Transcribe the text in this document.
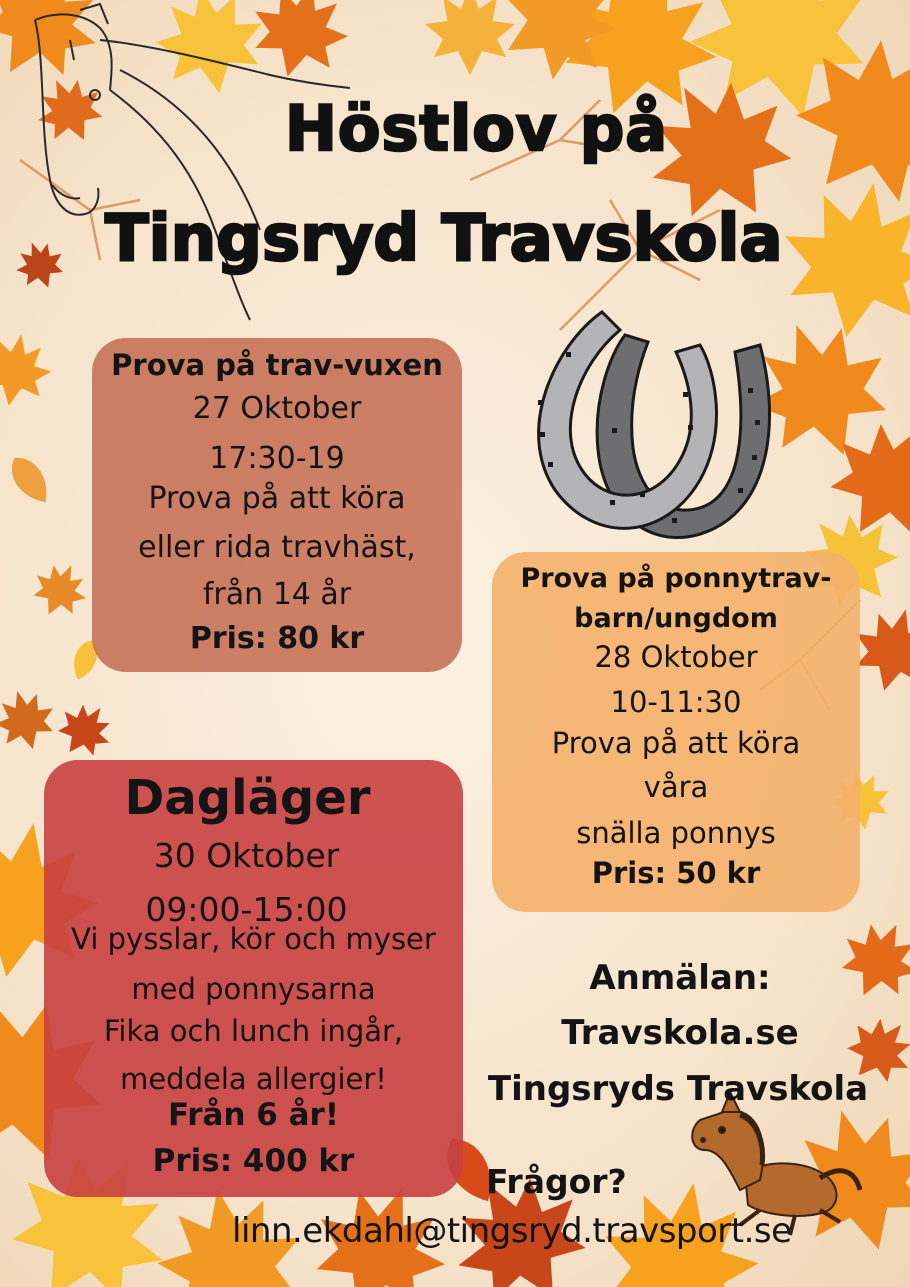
Höstlov på
Tingsryd Travskola

Prova på trav-vuxen

27 Oktober

17:30-19

Prova på att köra

eller rida travhäst,

från 14 år

Pris: 80 kr

Prova på ponnytrav-

barn/ungdom

28 Oktober

10-11:30

Prova på att köra

våra

snälla ponnys

Pris: 50 kr

Dagläger

30 Oktober

09:00-15:00

Vi pysslar, kör och myser

med ponnysarna

Fika och lunch ingår,

meddela allergier!

Från 6 år!

Pris: 400 kr

Anmälan:

Travskola.se

Tingsryds Travskola

Frågor?

linn.ekdahl@tingsryd.travsport.se
